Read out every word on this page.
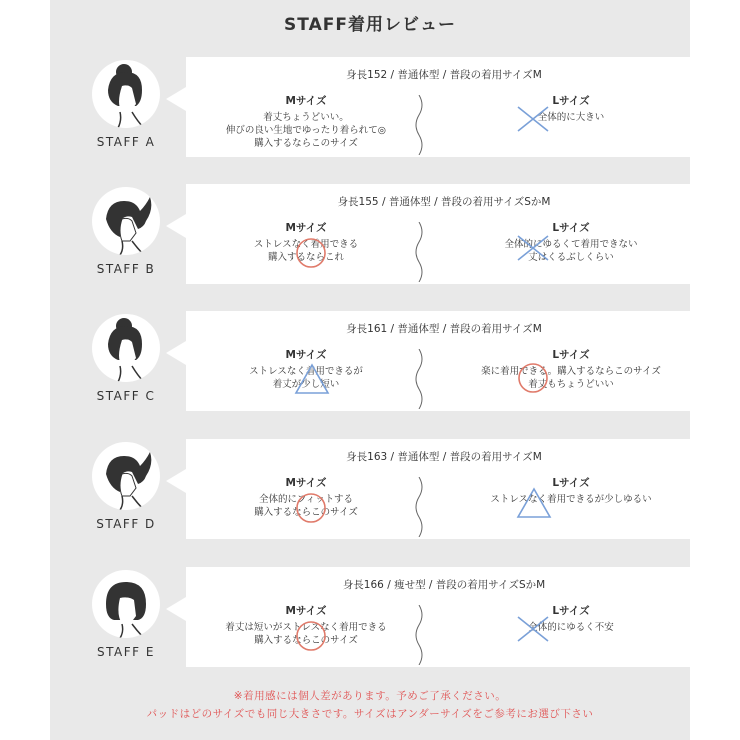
STAFF着用レビュー
STAFF A
身長152 / 普通体型 / 普段の着用サイズM
Mサイズ
着丈ちょうどいい。
伸びの良い生地でゆったり着られて◎
購入するならこのサイズ
Lサイズ
全体的に大きい
STAFF B
身長155 / 普通体型 / 普段の着用サイズSかM
Mサイズ
ストレスなく着用できる
購入するならこれ
Lサイズ
全体的にゆるくて着用できない
丈はくるぶしくらい
STAFF C
身長161 / 普通体型 / 普段の着用サイズM
Mサイズ
ストレスなく着用できるが
着丈が少し短い
Lサイズ
楽に着用できる。購入するならこのサイズ
着丈もちょうどいい
STAFF D
身長163 / 普通体型 / 普段の着用サイズM
Mサイズ
全体的にフィットする
購入するならこのサイズ
Lサイズ
ストレスなく着用できるが少しゆるい
STAFF E
身長166 / 痩せ型 / 普段の着用サイズSかM
Mサイズ
着丈は短いがストレスなく着用できる
購入するならこのサイズ
Lサイズ
全体的にゆるく不安
※着用感には個人差があります。予めご了承ください。
パッドはどのサイズでも同じ大きさです。サイズはアンダーサイズをご参考にお選び下さい
